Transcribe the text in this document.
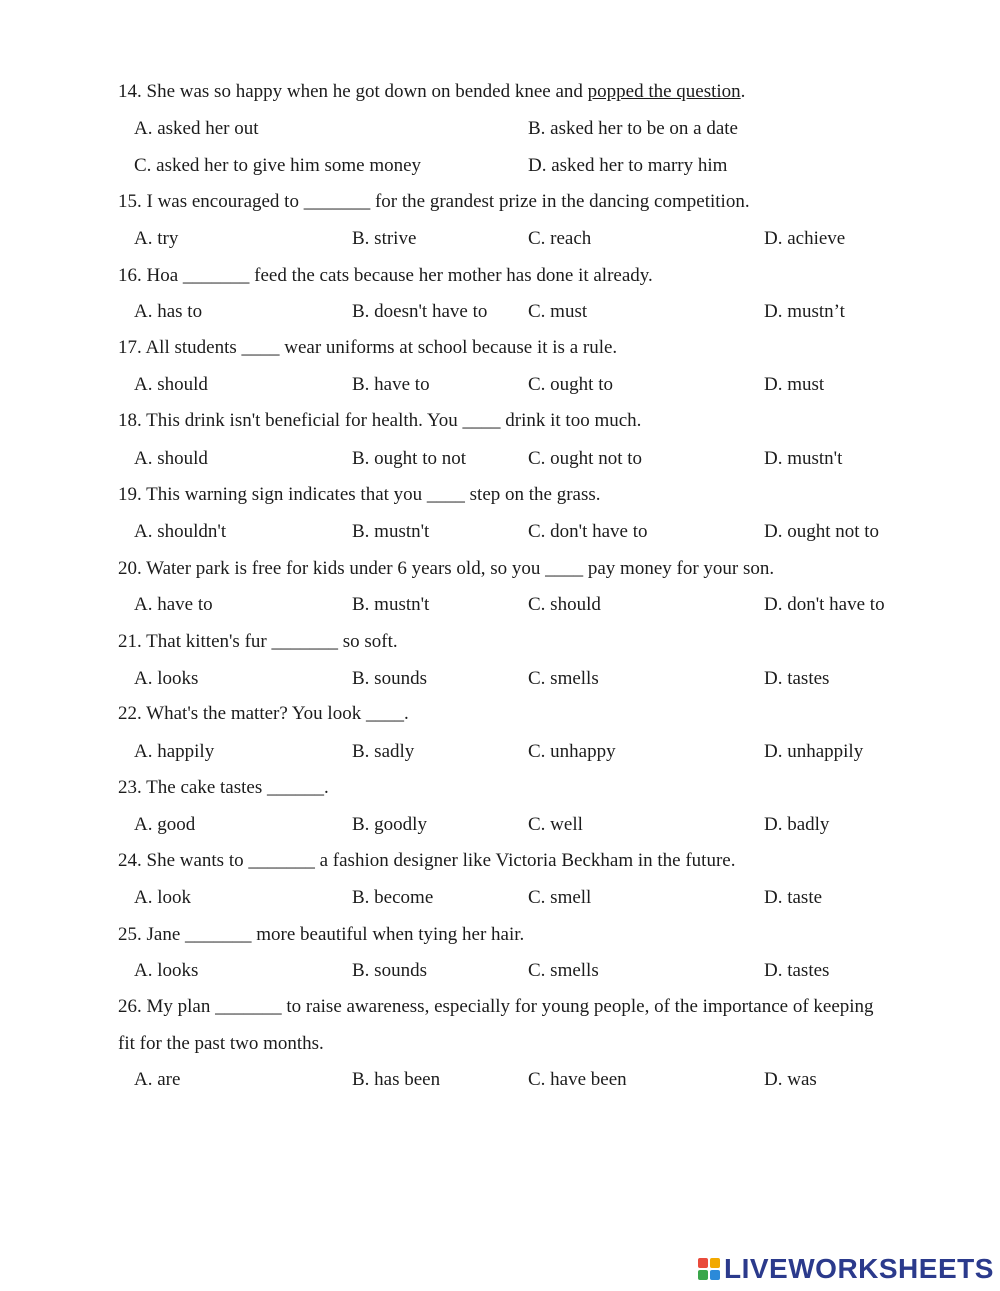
14. She was so happy when he got down on bended knee and popped the question.
A. asked her out	B. asked her to be on a date
C. asked her to give him some money	D. asked her to marry him
15. I was encouraged to _______ for the grandest prize in the dancing competition.
A. try	B. strive	C. reach	D. achieve
16. Hoa _______ feed the cats because her mother has done it already.
A. has to	B. doesn't have to C. must	D. mustn’t
17. All students ____ wear uniforms at school because it is a rule.
A. should	B. have to	C. ought to	D. must
18. This drink isn't beneficial for health. You ____ drink it too much.
A. should	B. ought to not	C. ought not to	D. mustn't
19. This warning sign indicates that you ____ step on the grass.
A. shouldn't	B. mustn't	C. don't have to	D. ought not to
20. Water park is free for kids under 6 years old, so you ____ pay money for your son.
A. have to	B. mustn't	C. should	D. don't have to
21. That kitten's fur _______ so soft.
A. looks	B. sounds	C. smells	D. tastes
22. What's the matter? You look ____.
A. happily	B. sadly	C. unhappy	D. unhappily
23. The cake tastes ______.
A. good	B. goodly	C. well	D. badly
24. She wants to _______ a fashion designer like Victoria Beckham in the future.
A. look	B. become	C. smell	D. taste
25. Jane _______ more beautiful when tying her hair.
A. looks	B. sounds	C. smells	D. tastes
26. My plan _______ to raise awareness, especially for young people, of the importance of keeping fit for the past two months.
A. are	B. has been	C. have been	D. was
LIVEWORKSHEETS
